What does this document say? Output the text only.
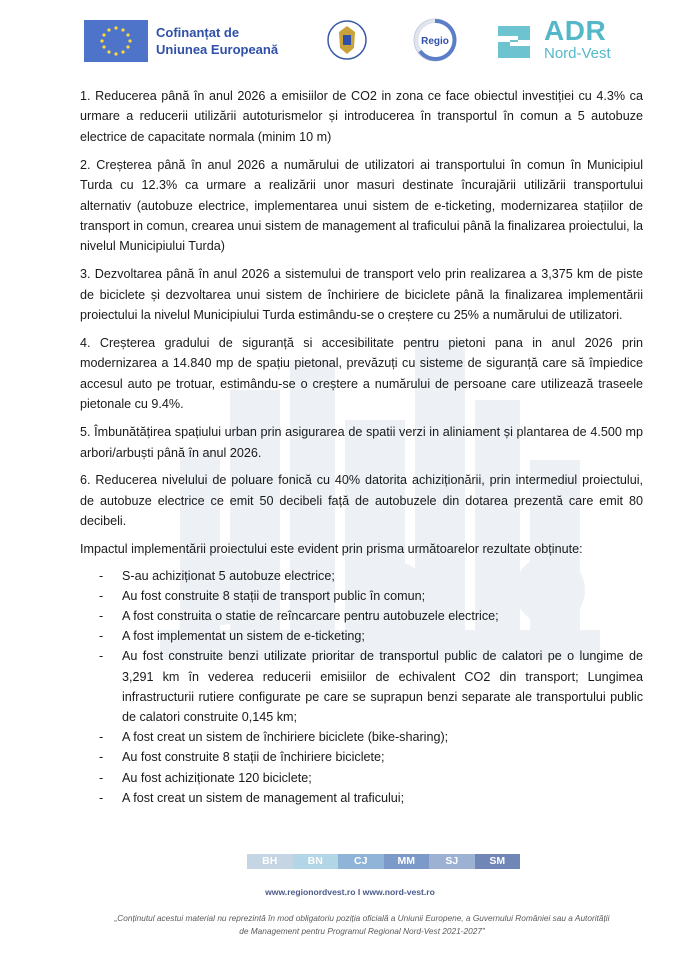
Cofinanțat de
Uniunea Europeană
Regio	ADR
Nord-Vest

1. Reducerea până în anul 2026 a emisiilor de CO2 in zona ce face obiectul investiției cu 4.3% ca urmare a reducerii utilizării autoturismelor și introducerea în transportul în comun a 5 autobuze electrice de capacitate normala (minim 10 m)

2. Creșterea până în anul 2026 a numărului de utilizatori ai transportului în comun în Municipiul Turda cu 12.3% ca urmare a realizării unor masuri destinate încurajării utilizării transportului alternativ (autobuze electrice, implementarea unui sistem de e-ticketing, modernizarea stațiilor de transport in comun, crearea unui sistem de management al traficului până la finalizarea proiectului, la nivelul Municipiului Turda)

3. Dezvoltarea până în anul 2026 a sistemului de transport velo prin realizarea a 3,375 km de piste de biciclete și dezvoltarea unui sistem de închiriere de biciclete până la finalizarea implementării proiectului la nivelul Municipiului Turda estimându-se o creștere cu 25% a numărului de utilizatori.

4. Creșterea gradului de siguranță si accesibilitate pentru pietoni pana in anul 2026 prin modernizarea a 14.840 mp de spațiu pietonal, prevăzuți cu sisteme de siguranță care să împiedice accesul auto pe trotuar, estimându-se o creștere a numărului de persoane care utilizează traseele pietonale cu 9.4%.

5. Îmbunătățirea spațiului urban prin asigurarea de spatii verzi in aliniament și plantarea de 4.500 mp arbori/arbuști până în anul 2026.

6. Reducerea nivelului de poluare fonică cu 40% datorita achiziționării, prin intermediul proiectului, de autobuze electrice ce emit 50 decibeli față de autobuzele din dotarea prezentă care emit 80 decibeli.

Impactul implementării proiectului este evident prin prisma următoarelor rezultate obținute:

- S-au achiziționat 5 autobuze electrice;
- Au fost construite 8 stații de transport public în comun;
- A fost construita o statie de reîncarcare pentru autobuzele electrice;
- A fost implementat un sistem de e-ticketing;
- Au fost construite benzi utilizate prioritar de transportul public de calatori pe o lungime de 3,291 km în vederea reducerii emisiilor de echivalent CO2 din transport; Lungimea infrastructurii rutiere configurate pe care se suprapun benzi separate ale transportului public de calatori construite 0,145 km;
- A fost creat un sistem de închiriere biciclete (bike-sharing);
- Au fost construite 8 stații de închiriere biciclete;
- Au fost achiziționate 120 biciclete;
- A fost creat un sistem de management al traficului;
BH	BN	CJ	MM	SJ	SM
www.regionordvest.ro I www.nord-vest.ro
„Conținutul acestui material nu reprezintă în mod obligatoriu poziția oficială a Uniunii Europene, a Guvernului României sau a Autorității de Management pentru Programul Regional Nord-Vest 2021-2027”
